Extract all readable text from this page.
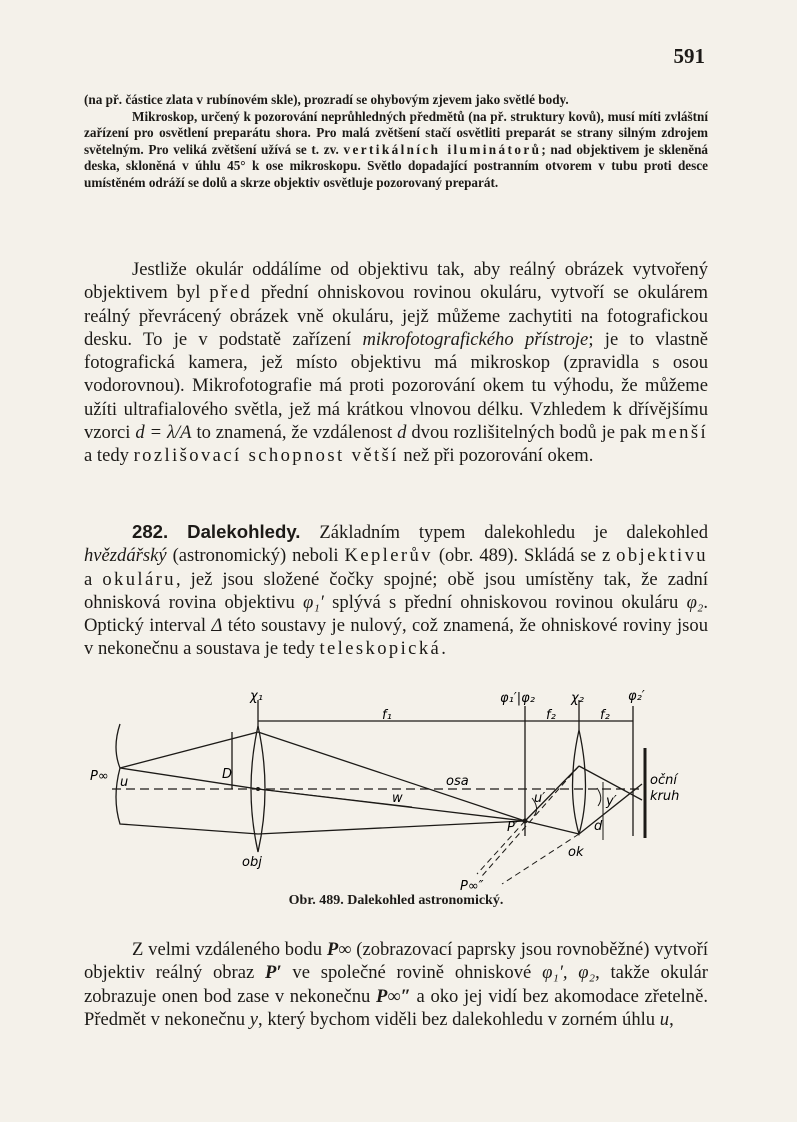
591

(na př. částice zlata v rubínovém skle), prozradí se ohybovým zjevem jako světlé body.

Mikroskop, určený k pozorování neprůhledných předmětů (na př. struktury kovů), musí míti zvláštní zařízení pro osvětlení preparátu shora. Pro malá zvětšení stačí osvětliti preparát se strany silným zdrojem světelným. Pro veliká zvětšení užívá se t. zv. vertikálních iluminátorů; nad objektivem je skleněná deska, skloněná v úhlu 45° k ose mikroskopu. Světlo dopadající postranním otvorem v tubu proti desce umístěném odráží se dolů a skrze objektiv osvětluje pozorovaný preparát.

Jestliže okulár oddálíme od objektivu tak, aby reálný obrázek vytvořený objektivem byl před přední ohniskovou rovinou okuláru, vytvoří se okulárem reálný převrácený obrázek vně okuláru, jejž můžeme zachytiti na fotografickou desku. To je v podstatě zařízení mikrofotografického přístroje; je to vlastně fotografická kamera, jež místo objektivu má mikroskop (zpravidla s osou vodorovnou). Mikrofotografie má proti pozorování okem tu výhodu, že můžeme užíti ultrafialového světla, jež má krátkou vlnovou délku. Vzhledem k dřívějšímu vzorci d = λ/A to znamená, že vzdálenost d dvou rozlišitelných bodů je pak menší a tedy rozlišovací schopnost větší než při pozorování okem.

282. Dalekohledy. Základním typem dalekohledu je dalekohled hvězdářský (astronomický) neboli Keplerův (obr. 489). Skládá se z objektivu a okuláru, jež jsou složené čočky spojné; obě jsou umístěny tak, že zadní ohnisková rovina objektivu φ₁′ splývá s přední ohniskovou rovinou okuláru φ₂. Optický interval Δ této soustavy je nulový, což znamená, že ohniskové roviny jsou v nekonečnu a soustava je tedy teleskopická.

χ₁	χ₂
φ₁′|φ₂	φ₂′
f₁	f₂	f₂
D
P∞ u	osa
w	u′	y′
P′	d
obj
ok
oční
kruh
P∞″
Obr. 489. Dalekohled astronomický.

Z velmi vzdáleného bodu P∞ (zobrazovací paprsky jsou rovnoběžné) vytvoří objektiv reálný obraz P′ ve společné rovině ohniskové φ₁′, φ₂, takže okulár zobrazuje onen bod zase v nekonečnu P∞″ a oko jej vidí bez akomodace zřetelně. Předmět v nekonečnu y, který bychom viděli bez dalekohledu v zorném úhlu u,
